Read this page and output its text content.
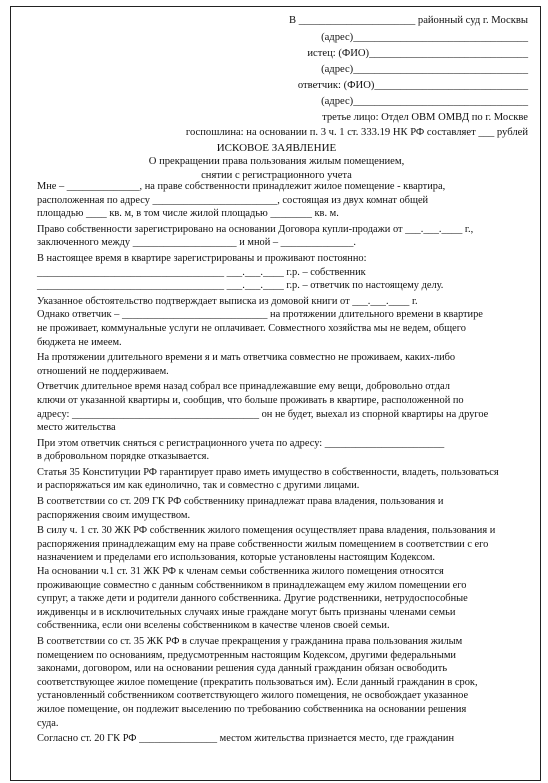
В ______________________ районный суд г. Москвы
(адрес)_________________________________
истец: (ФИО)______________________________
(адрес)_________________________________
ответчик: (ФИО)_____________________________
(адрес)_________________________________
третье лицо: Отдел ОВМ ОМВД по г. Москве
госпошлина: на основании п. 3 ч. 1 ст. 333.19 НК РФ составляет ___ рублей
ИСКОВОЕ ЗАЯВЛЕНИЕ
О прекращении права пользования жилым помещением,
снятии с регистрационного учета
Мне – ______________, на праве собственности принадлежит жилое помещение - квартира,
расположенная по адресу ________________________, состоящая из двух комнат общей
площадью ____ кв. м, в том числе жилой площадью ________ кв. м.
Право собственности зарегистрировано на основании Договора купли-продажи от ___.___.____ г.,
заключенного между ____________________ и мной – ______________.
В настоящее время в квартире зарегистрированы и проживают постоянно:
____________________________________ ___.___.____ г.р. – собственник
____________________________________ ___.___.____ г.р. – ответчик по настоящему делу.
Указанное обстоятельство подтверждает выписка из домовой книги от ___.___.____ г.
Однако ответчик – ____________________________ на протяжении длительного времени в квартире
не проживает, коммунальные услуги не оплачивает. Совместного хозяйства мы не ведем, общего
бюджета не имеем.
На протяжении длительного времени я и мать ответчика совместно не проживаем, каких-либо
отношений не поддерживаем.
Ответчик длительное время назад собрал все принадлежавшие ему вещи, добровольно отдал
ключи от указанной квартиры и, сообщив, что больше проживать в квартире, расположенной по
адресу: ____________________________________ он не будет, выехал из спорной квартиры на другое
место жительства
При этом ответчик сняться с регистрационного учета по адресу: _______________________
в добровольном порядке отказывается.
Статья 35 Конституции РФ гарантирует право иметь имущество в собственности, владеть, пользоваться
и распоряжаться им как единолично, так и совместно с другими лицами.
В соответствии со ст. 209 ГК РФ собственнику принадлежат права владения, пользования и
распоряжения своим имуществом.
В силу ч. 1 ст. 30 ЖК РФ собственник жилого помещения осуществляет права владения, пользования и
распоряжения принадлежащим ему на праве собственности жилым помещением в соответствии с его
назначением и пределами его использования, которые установлены настоящим Кодексом.
На основании ч.1 ст. 31 ЖК РФ к членам семьи собственника жилого помещения относятся
проживающие совместно с данным собственником в принадлежащем ему жилом помещении его
супруг, а также дети и родители данного собственника. Другие родственники, нетрудоспособные
иждивенцы и в исключительных случаях иные граждане могут быть признаны членами семьи
собственника, если они вселены собственником в качестве членов своей семьи.
В соответствии со ст. 35 ЖК РФ в случае прекращения у гражданина права пользования жилым
помещением по основаниям, предусмотренным настоящим Кодексом, другими федеральными
законами, договором, или на основании решения суда данный гражданин обязан освободить
соответствующее жилое помещение (прекратить пользоваться им). Если данный гражданин в срок,
установленный собственником соответствующего жилого помещения, не освобождает указанное
жилое помещение, он подлежит выселению по требованию собственника на основании решения
суда.
Согласно ст. 20 ГК РФ _______________ местом жительства признается место, где гражданин
